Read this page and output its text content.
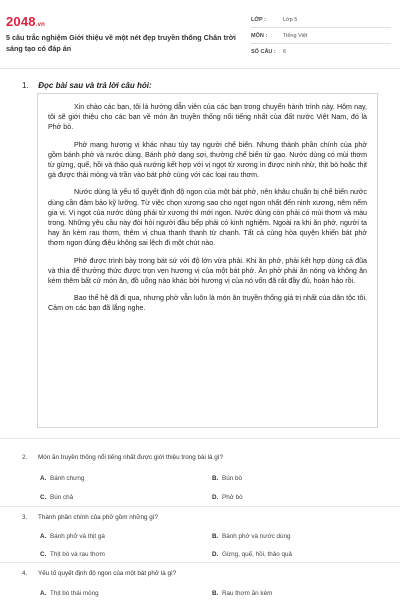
2048.vn
5 câu trắc nghiệm Giới thiệu về một nét đẹp truyền thống Chân trời sáng tạo có đáp án
LỚP :	Lớp 5
MÔN :	Tiếng Việt
SỐ CÂU :	6
1. Đọc bài sau và trả lời câu hỏi:

Xin chào các bạn, tôi là hướng dẫn viên của các bạn trong chuyến hành trình này. Hôm nay, tôi sẽ giới thiệu cho các bạn về món ăn truyền thống nổi tiếng nhất của đất nước Việt Nam, đó là Phở bò.

Phở mang hương vị khác nhau tùy tay người chế biến. Nhưng thành phần chính của phở gồm bánh phở và nước dùng. Bánh phở dạng sợi, thường chế biến từ gạo. Nước dùng có mùi thơm từ gừng, quế, hồi và thảo quả nướng kết hợp với vị ngọt từ xương ìn được ninh nhừ, thịt bò hoặc thịt gà được thái mỏng và trần vào bát phở cùng với các loại rau thơm.

Nước dùng là yếu tố quyết định độ ngon của một bát phở, nên khâu chuẩn bị chế biến nước dùng cần đảm bảo kỹ lưỡng. Từ việc chọn xương sao cho ngọt ngon nhất đến ninh xương, nêm nếm gia vị. Vị ngọt của nước dùng phải từ xương thì mới ngon. Nước dùng còn phải có mùi thơm và màu trong. Những yêu cầu này đòi hỏi người đầu bếp phải có kinh nghiệm. Ngoài ra khi ăn phở, người ta hay ăn kèm rau thơm, thêm vị chua thanh thanh từ chanh. Tất cả cùng hòa quyện khiến bát phở thơm ngon đúng điệu không sai lệch đi một chút nào.

Phở được trình bày trong bát sứ với độ lớn vừa phải. Khi ăn phở, phải kết hợp dùng cả đũa và thìa để thưởng thức được trọn vẹn hương vị của một bát phở. Ăn phở phải ăn nóng và không ăn kèm thêm bất cứ món ăn, đồ uống nào khác bởi hương vị của nó vốn đã rất đầy đủ, hoàn hảo rồi.

Bao thế hệ đã đi qua, nhưng phở vẫn luôn là món ăn truyền thống giá trị nhất của dân tộc tôi. Cảm ơn các bạn đã lắng nghe.

2. Món ăn truyền thống nổi tiếng nhất được giới thiệu trong bài là gì?
A. Bánh chưng	B. Bún bò
C. Bún chả	D. Phở bò
3. Thành phần chính của phở gồm những gì?
A. Bánh phở và thịt gà	B. Bánh phở và nước dùng
C. Thịt bò và rau thơm	D. Gừng, quế, hồi, thảo quả
4. Yếu tố quyết định độ ngon của một bát phở là gì?
A. Thịt bò thái mỏng	B. Rau thơm ăn kèm
